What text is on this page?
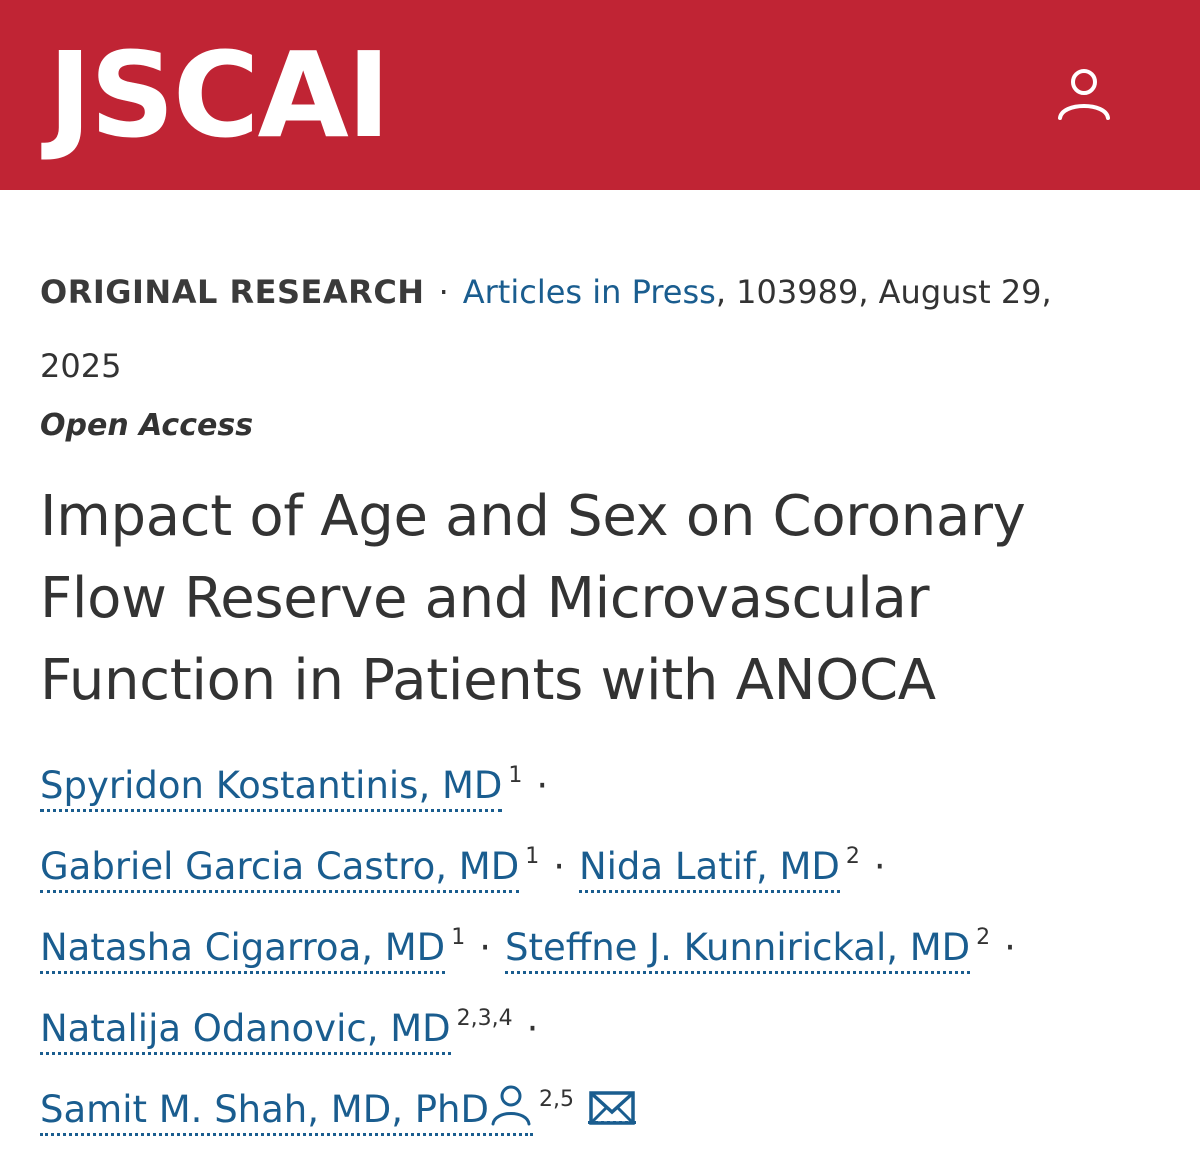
JSCAI
ORIGINAL RESEARCH · Articles in Press, 103989, August 29,
2025
Open Access
Impact of Age and Sex on Coronary Flow Reserve and Microvascular Function in Patients with ANOCA
Spyridon Kostantinis, MD $^1$ ·
Gabriel Garcia Castro, MD $^1$ · Nida Latif, MD $^2$ ·
Natasha Cigarroa, MD $^1$ · Steffne J. Kunnirickal, MD $^2$ ·
Natalija Odanovic, MD $^{2,3,4}$ ·
Samit M. Shah, MD, PhD $^{2,5}$
